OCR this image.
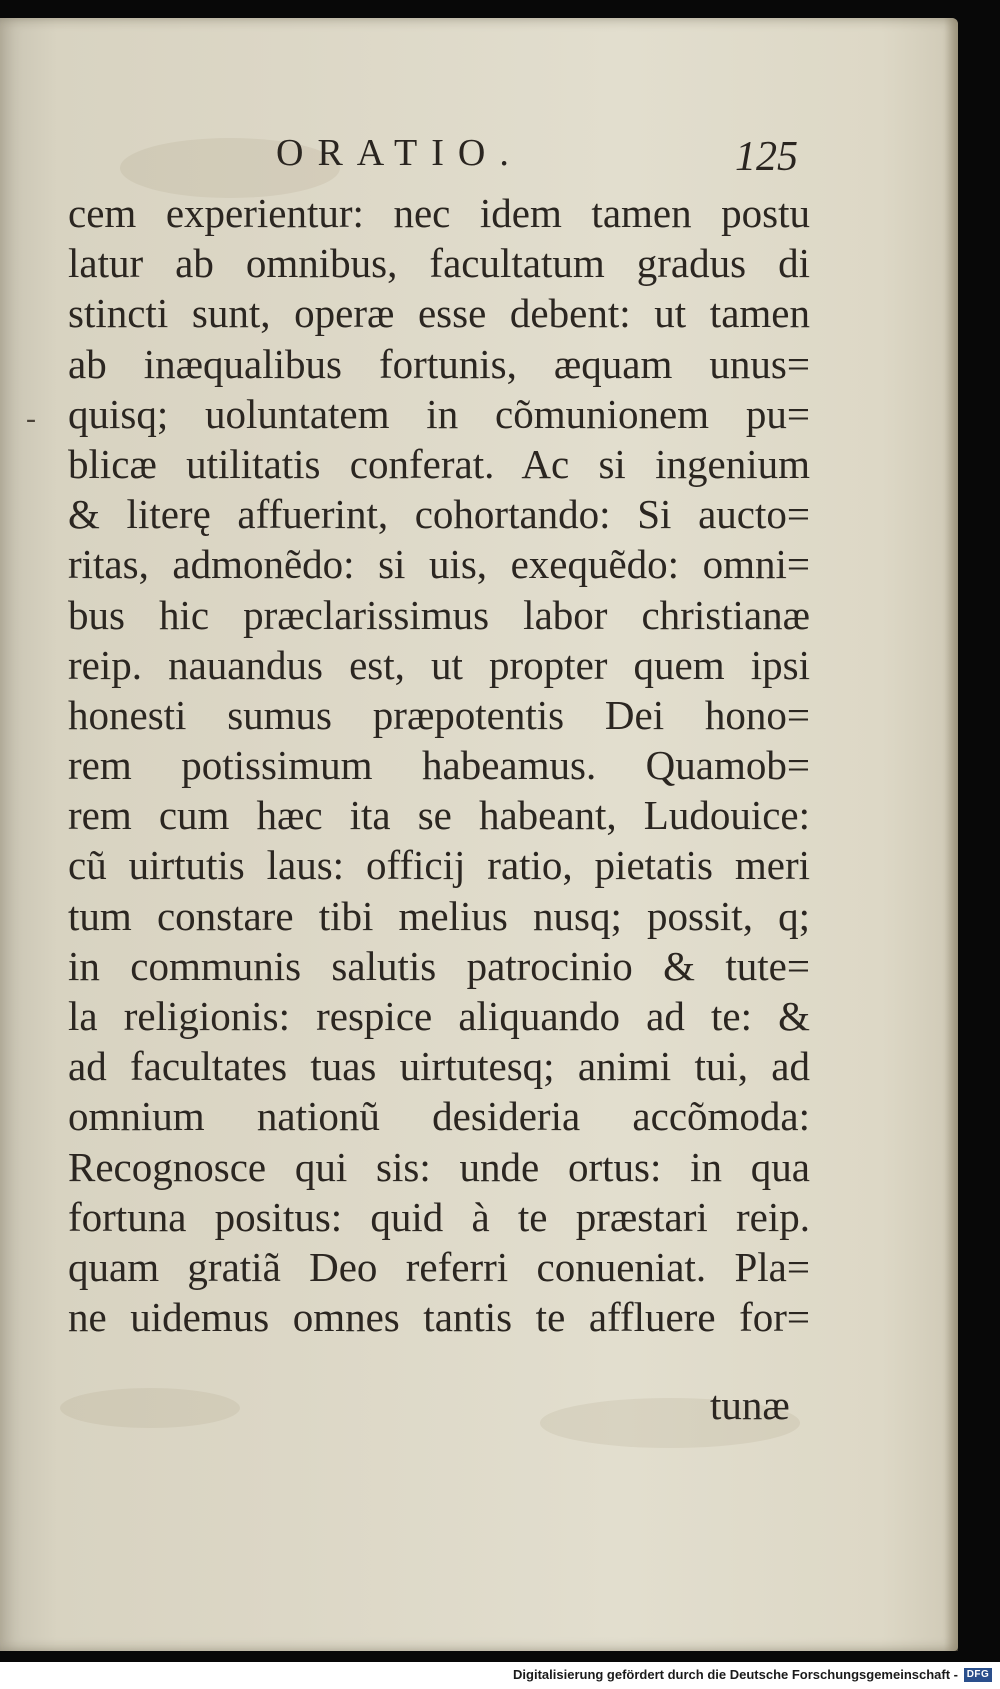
ORATIO.	125
-
cem experientur: nec idem tamen postu
latur ab omnibus, facultatum gradus di
stincti sunt, operæ esse debent: ut tamen
ab inæqualibus fortunis, æquam unus=
quisq; uoluntatem in cõmunionem pu=
blicæ utilitatis conferat. Ac si ingenium
& literę affuerint, cohortando: Si aucto=
ritas, admonẽdo: si uis, exequẽdo: omni=
bus hic præclarissimus labor christianæ
reip. nauandus est, ut propter quem ipsi
honesti sumus præpotentis Dei hono=
rem potissimum habeamus. Quamob=
rem cum hæc ita se habeant, Ludouice:
cũ uirtutis laus: officij ratio, pietatis meri
tum constare tibi melius nusq; possit, q;
in communis salutis patrocinio & tute=
la religionis: respice aliquando ad te: &
ad facultates tuas uirtutesq; animi tui, ad
omnium nationũ desideria accõmoda:
Recognosce qui sis: unde ortus: in qua
fortuna positus: quid à te præstari reip.
quam gratiã Deo referri conueniat. Pla=
ne uidemus omnes tantis te affluere for=
tunæ
Digitalisierung gefördert durch die Deutsche Forschungsgemeinschaft - DFG
